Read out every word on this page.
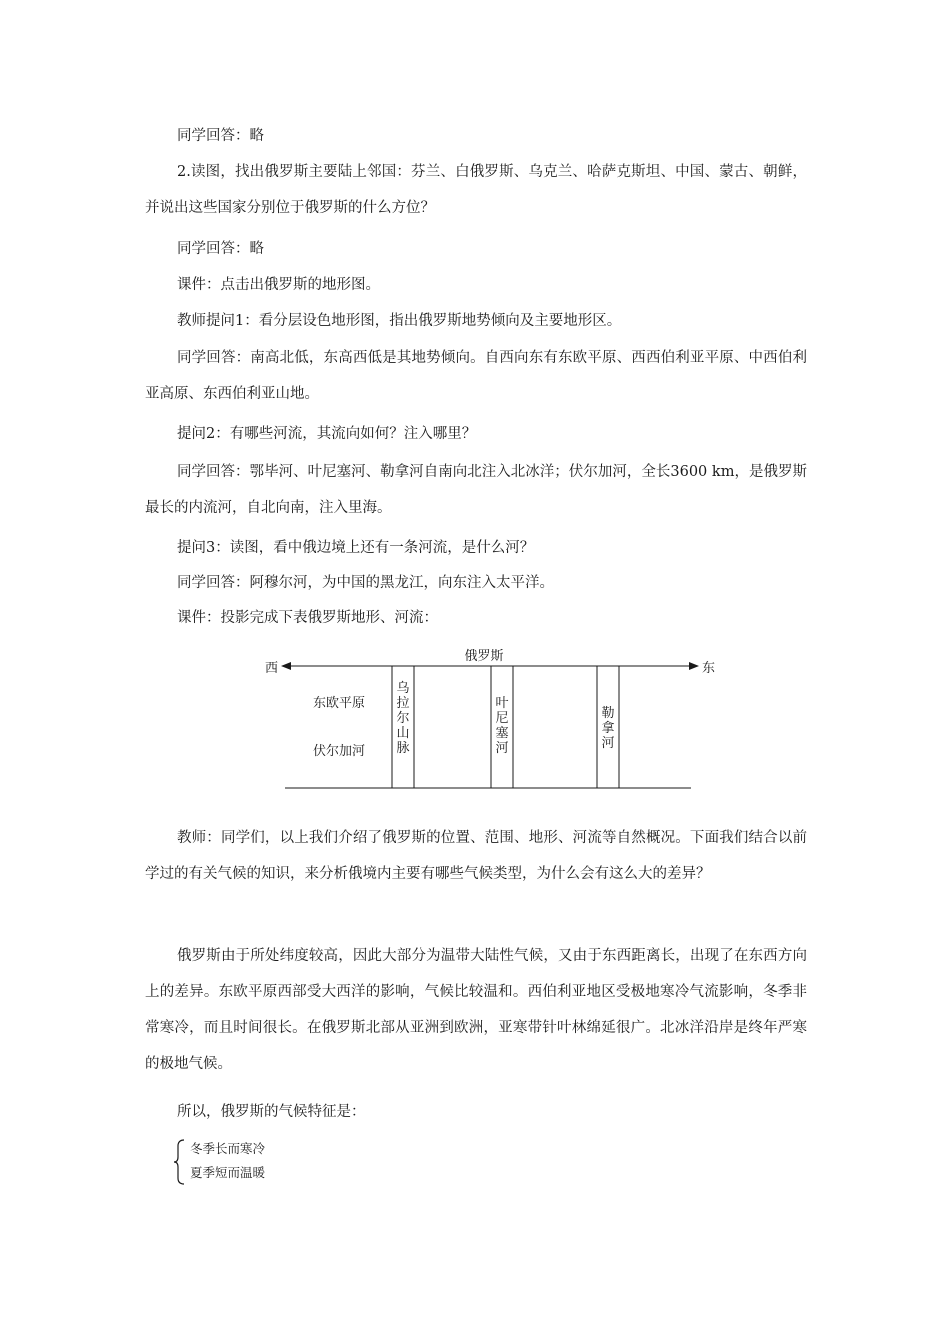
同学回答：略

2.读图，找出俄罗斯主要陆上邻国：芬兰、白俄罗斯、乌克兰、哈萨克斯坦、中国、蒙古、朝鲜，并说出这些国家分别位于俄罗斯的什么方位？

同学回答：略

课件：点击出俄罗斯的地形图。

教师提问1：看分层设色地形图，指出俄罗斯地势倾向及主要地形区。

同学回答：南高北低，东高西低是其地势倾向。自西向东有东欧平原、西西伯利亚平原、中西伯利亚高原、东西伯利亚山地。

提问2：有哪些河流，其流向如何？注入哪里？

同学回答：鄂毕河、叶尼塞河、勒拿河自南向北注入北冰洋；伏尔加河，全长3600 km，是俄罗斯最长的内流河，自北向南，注入里海。

提问3：读图，看中俄边境上还有一条河流，是什么河？

同学回答：阿穆尔河，为中国的黑龙江，向东注入太平洋。

课件：投影完成下表俄罗斯地形、河流：

西	东
俄罗斯
东欧平原
伏尔加河
乌
拉
尔
山
脉
叶
尼
塞
河
勒
拿
河

教师：同学们，以上我们介绍了俄罗斯的位置、范围、地形、河流等自然概况。下面我们结合以前学过的有关气候的知识，来分析俄境内主要有哪些气候类型，为什么会有这么大的差异？

俄罗斯由于所处纬度较高，因此大部分为温带大陆性气候，又由于东西距离长，出现了在东西方向上的差异。东欧平原西部受大西洋的影响，气候比较温和。西伯利亚地区受极地寒冷气流影响，冬季非常寒冷，而且时间很长。在俄罗斯北部从亚洲到欧洲，亚寒带针叶林绵延很广。北冰洋沿岸是终年严寒的极地气候。

所以，俄罗斯的气候特征是：

冬季长而寒冷
夏季短而温暖
